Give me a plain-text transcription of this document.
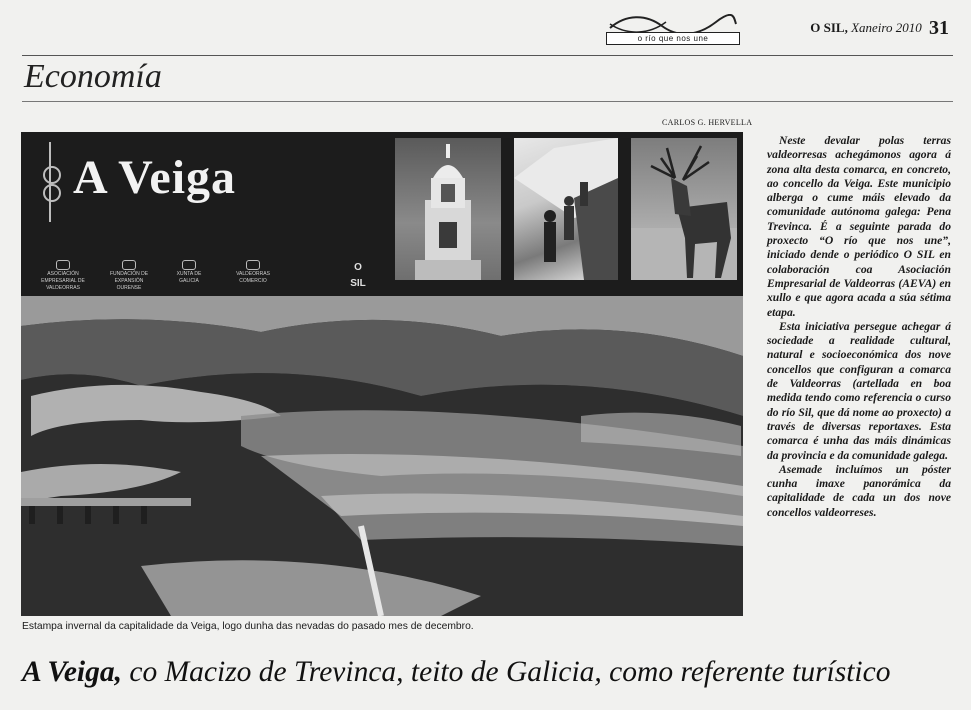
o río que nos une
O SIL, Xaneiro 2010 31
Economía
CARLOS G. HERVELLA
A Veiga
ASOCIACIÓN EMPRESARIAL DE VALDEORRAS
FUNDACIÓN DE EXPANSIÓN OURENSE
XUNTA DE GALICIA
VALDEORRAS COMERCIO
O SIL
Estampa invernal da capitalidade da Veiga, logo dunha das nevadas do pasado mes de decembro.

Neste devalar polas terras valdeorresas achegámonos agora á zona alta desta comarca, en concreto, ao concello da Veiga. Este municipio alberga o cume máis elevado da comunidade autónoma galega: Pena Trevinca. É a seguinte parada do proxecto “O río que nos une”, iniciado dende o periódico O SIL en colaboración coa Asociación Empresarial de Valdeorras (AEVA) en xullo e que agora acada a súa sétima etapa.

Esta iniciativa persegue achegar á sociedade a realidade cultural, natural e socioeconómica dos nove concellos que configuran a comarca de Valdeorras (artellada en boa medida tendo como referencia o curso do río Sil, que dá nome ao proxecto) a través de diversas reportaxes. Esta comarca é unha das máis dinámicas da provincia e da comunidade galega.

Asemade incluímos un póster cunha imaxe panorámica da capitalidade de cada un dos nove concellos valdeorreses.

A Veiga, co Macizo de Trevinca, teito de Galicia, como referente turístico
